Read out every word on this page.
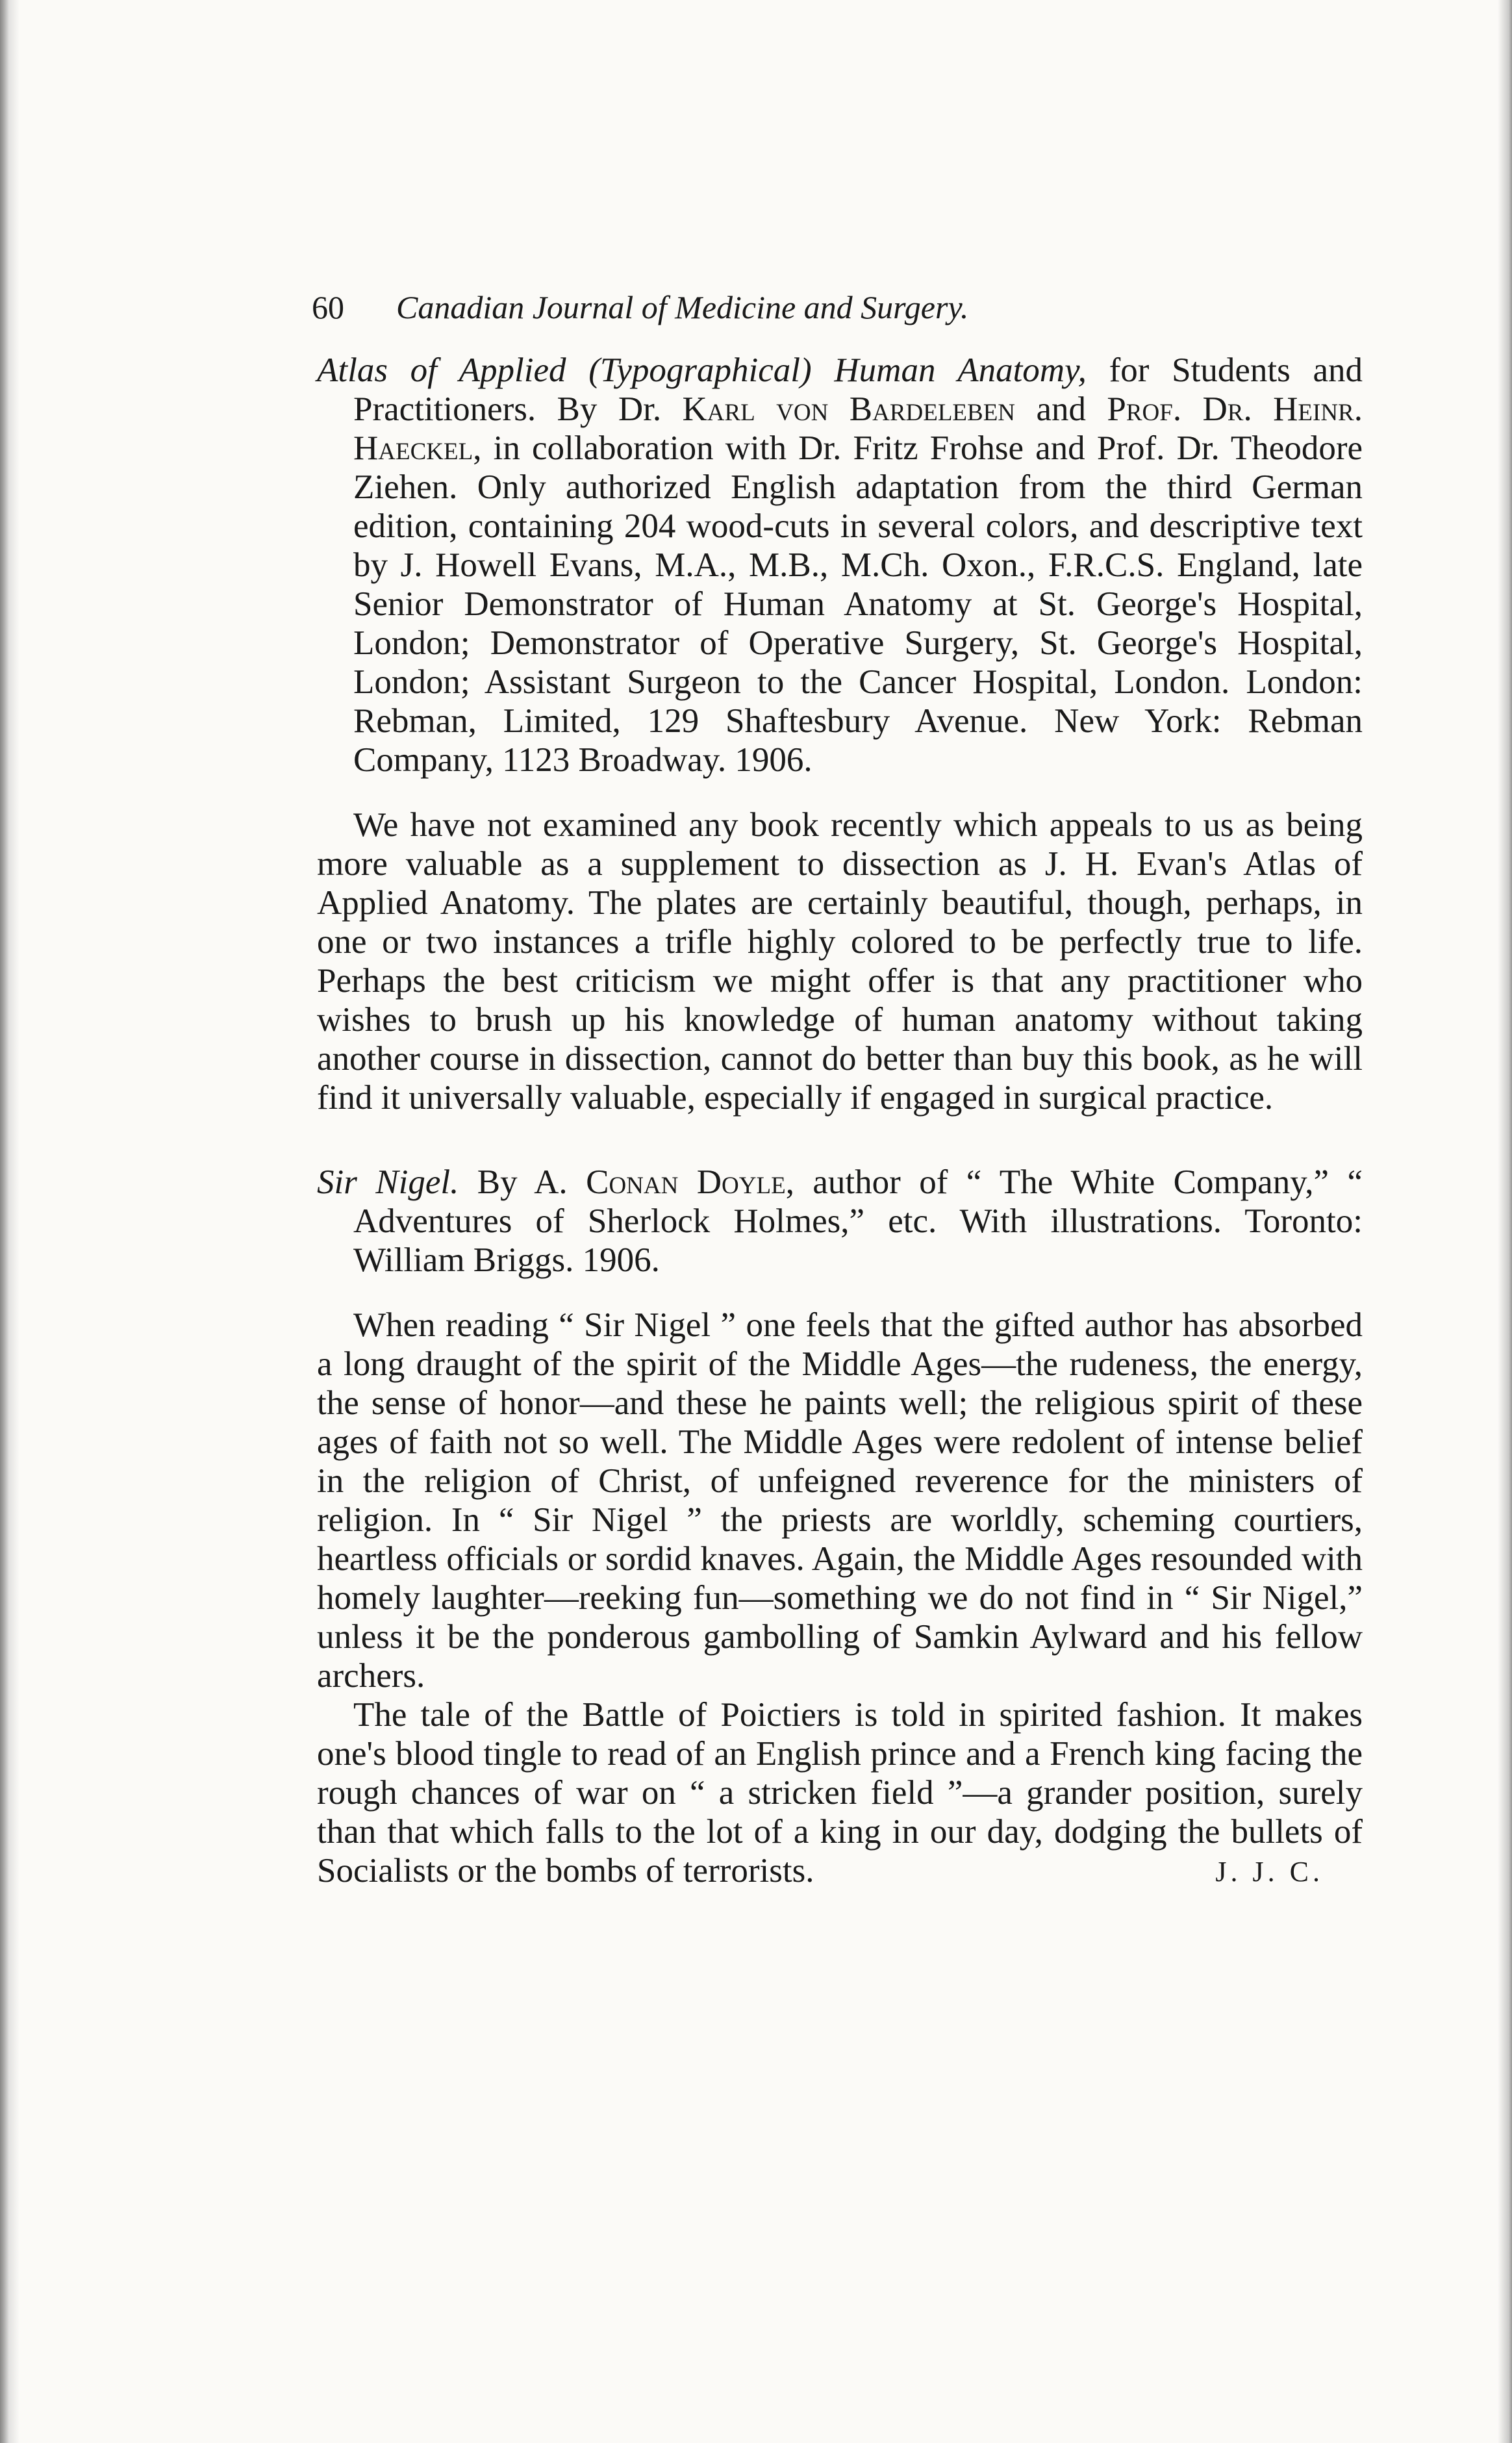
60 Canadian Journal of Medicine and Surgery.

Atlas of Applied (Typographical) Human Anatomy, for Students and Practitioners. By Dr. Karl von Bardeleben and Prof. Dr. Heinr. Haeckel, in collaboration with Dr. Fritz Frohse and Prof. Dr. Theodore Ziehen. Only authorized English adaptation from the third German edition, containing 204 wood-cuts in several colors, and descriptive text by J. Howell Evans, M.A., M.B., M.Ch. Oxon., F.R.C.S. England, late Senior Demonstrator of Human Anatomy at St. George's Hospital, London; Demonstrator of Operative Surgery, St. George's Hospital, London; Assistant Surgeon to the Cancer Hospital, London. London: Rebman, Limited, 129 Shaftesbury Avenue. New York: Rebman Company, 1123 Broadway. 1906.

We have not examined any book recently which appeals to us as being more valuable as a supplement to dissection as J. H. Evan's Atlas of Applied Anatomy. The plates are certainly beautiful, though, perhaps, in one or two instances a trifle highly colored to be perfectly true to life. Perhaps the best criticism we might offer is that any practitioner who wishes to brush up his knowledge of human anatomy without taking another course in dissection, cannot do better than buy this book, as he will find it universally valuable, especially if engaged in surgical practice.

Sir Nigel. By A. Conan Doyle, author of “ The White Company,” “ Adventures of Sherlock Holmes,” etc. With illustrations. Toronto: William Briggs. 1906.

When reading “ Sir Nigel ” one feels that the gifted author has absorbed a long draught of the spirit of the Middle Ages—the rudeness, the energy, the sense of honor—and these he paints well; the religious spirit of these ages of faith not so well. The Middle Ages were redolent of intense belief in the religion of Christ, of unfeigned reverence for the ministers of religion. In “ Sir Nigel ” the priests are worldly, scheming courtiers, heartless officials or sordid knaves. Again, the Middle Ages resounded with homely laughter—reeking fun—something we do not find in “ Sir Nigel,” unless it be the ponderous gambolling of Samkin Aylward and his fellow archers.

The tale of the Battle of Poictiers is told in spirited fashion. It makes one's blood tingle to read of an English prince and a French king facing the rough chances of war on “ a stricken field ”—a grander position, surely than that which falls to the lot of a king in our day, dodging the bullets of Socialists or the bombs of terrorists.	J. J. C.
